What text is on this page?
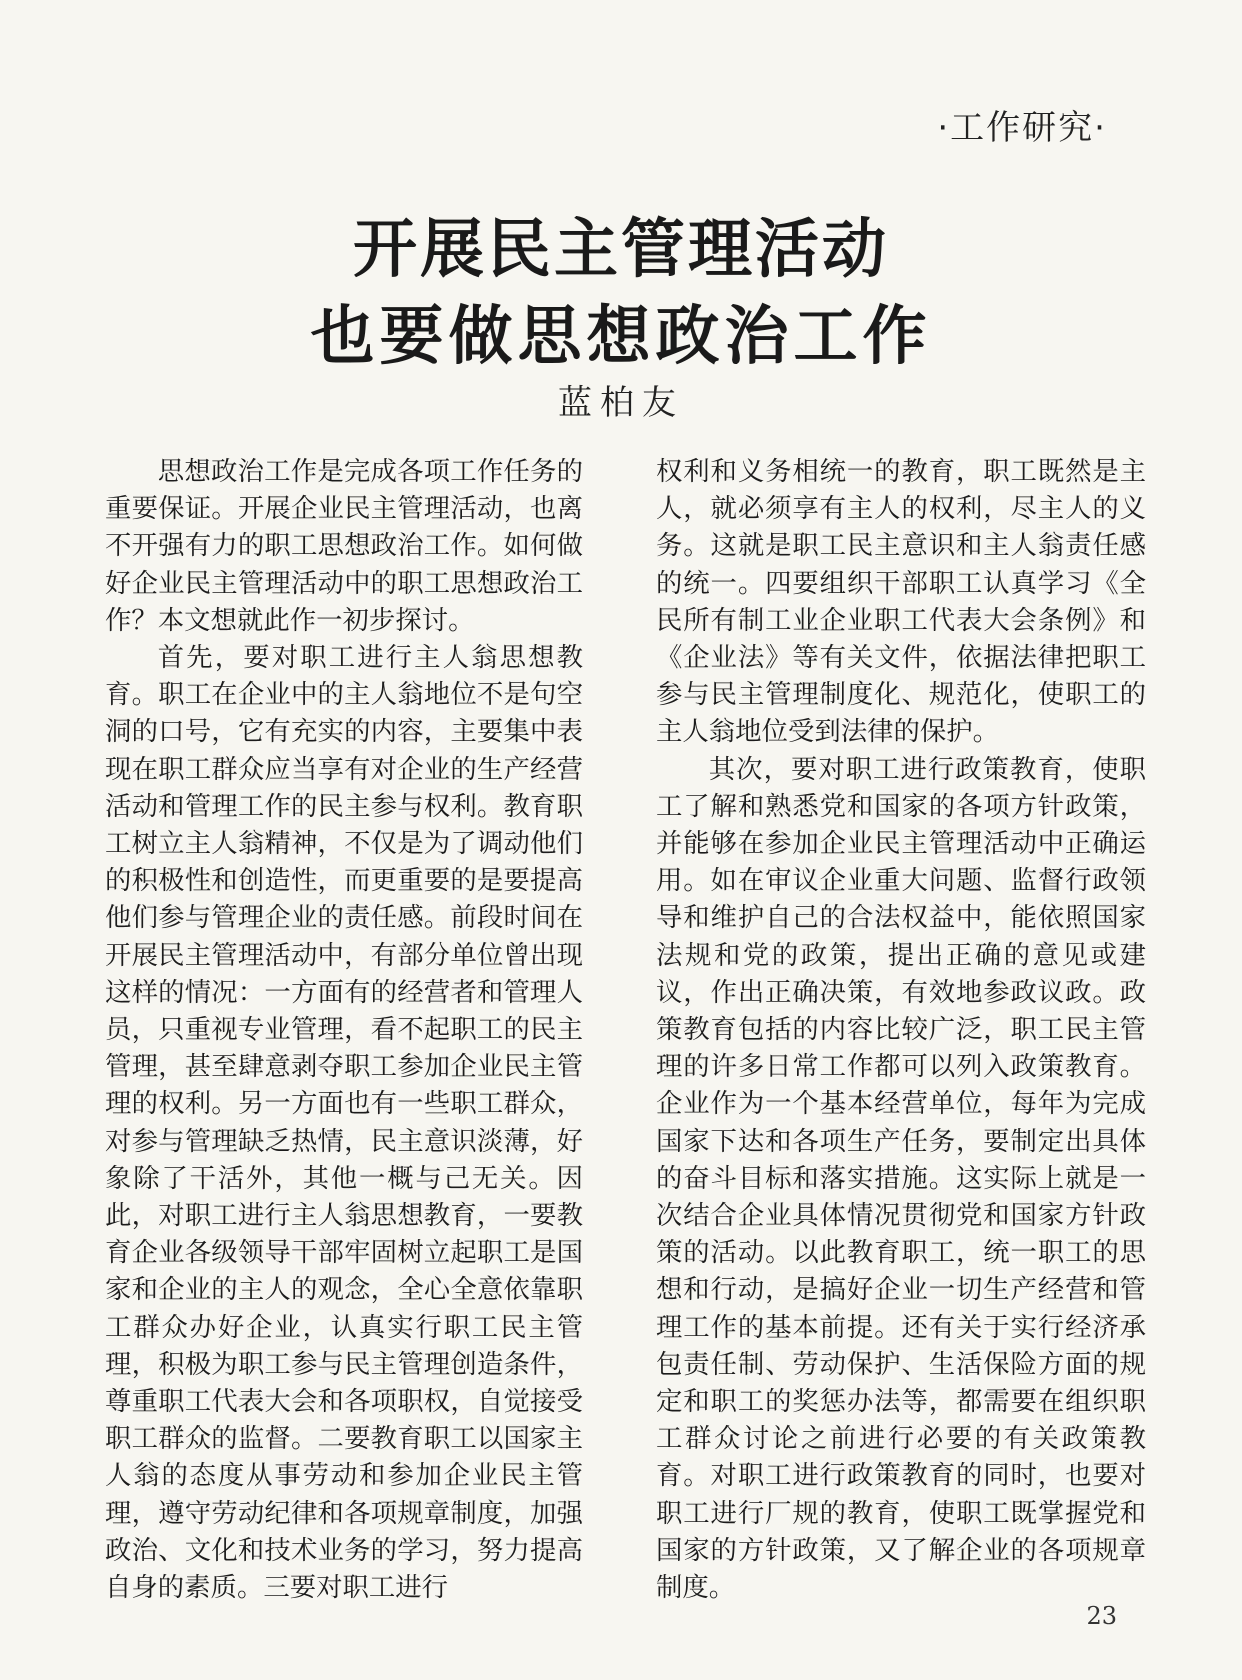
·工作研究·
开展民主管理活动
也要做思想政治工作
蓝柏友

思想政治工作是完成各项工作任务的重要保证。开展企业民主管理活动，也离不开强有力的职工思想政治工作。如何做好企业民主管理活动中的职工思想政治工作？本文想就此作一初步探讨。

首先，要对职工进行主人翁思想教育。职工在企业中的主人翁地位不是句空洞的口号，它有充实的内容，主要集中表现在职工群众应当享有对企业的生产经营活动和管理工作的民主参与权利。教育职工树立主人翁精神，不仅是为了调动他们的积极性和创造性，而更重要的是要提高他们参与管理企业的责任感。前段时间在开展民主管理活动中，有部分单位曾出现这样的情况：一方面有的经营者和管理人员，只重视专业管理，看不起职工的民主管理，甚至肆意剥夺职工参加企业民主管理的权利。另一方面也有一些职工群众，对参与管理缺乏热情，民主意识淡薄，好象除了干活外，其他一概与己无关。因此，对职工进行主人翁思想教育，一要教育企业各级领导干部牢固树立起职工是国家和企业的主人的观念，全心全意依靠职工群众办好企业，认真实行职工民主管理，积极为职工参与民主管理创造条件，尊重职工代表大会和各项职权，自觉接受职工群众的监督。二要教育职工以国家主人翁的态度从事劳动和参加企业民主管理，遵守劳动纪律和各项规章制度，加强政治、文化和技术业务的学习，努力提高自身的素质。三要对职工进行

权利和义务相统一的教育，职工既然是主人，就必须享有主人的权利，尽主人的义务。这就是职工民主意识和主人翁责任感的统一。四要组织干部职工认真学习《全民所有制工业企业职工代表大会条例》和《企业法》等有关文件，依据法律把职工参与民主管理制度化、规范化，使职工的主人翁地位受到法律的保护。

其次，要对职工进行政策教育，使职工了解和熟悉党和国家的各项方针政策，并能够在参加企业民主管理活动中正确运用。如在审议企业重大问题、监督行政领导和维护自己的合法权益中，能依照国家法规和党的政策，提出正确的意见或建议，作出正确决策，有效地参政议政。政策教育包括的内容比较广泛，职工民主管理的许多日常工作都可以列入政策教育。企业作为一个基本经营单位，每年为完成国家下达和各项生产任务，要制定出具体的奋斗目标和落实措施。这实际上就是一次结合企业具体情况贯彻党和国家方针政策的活动。以此教育职工，统一职工的思想和行动，是搞好企业一切生产经营和管理工作的基本前提。还有关于实行经济承包责任制、劳动保护、生活保险方面的规定和职工的奖惩办法等，都需要在组织职工群众讨论之前进行必要的有关政策教育。对职工进行政策教育的同时，也要对职工进行厂规的教育，使职工既掌握党和国家的方针政策，又了解企业的各项规章制度。

23
